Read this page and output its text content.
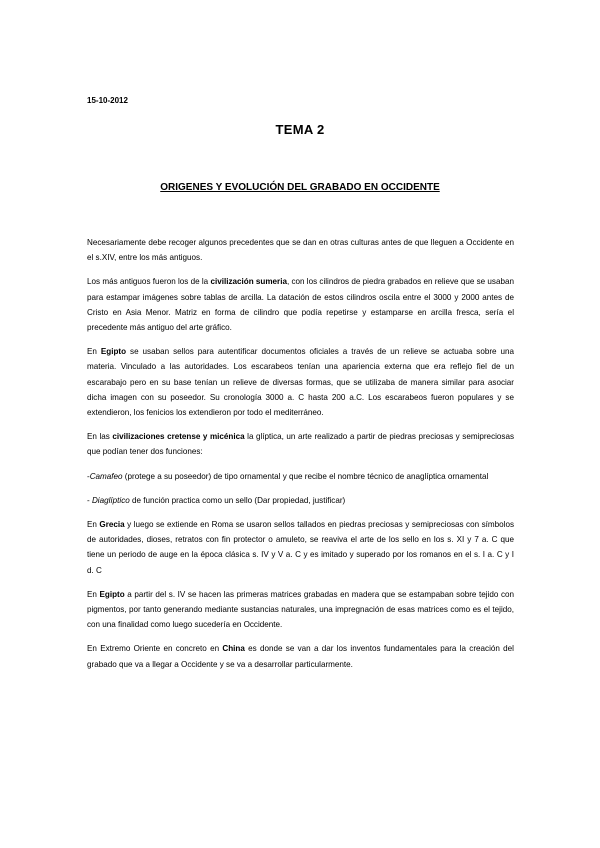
15-10-2012
TEMA 2
ORIGENES Y EVOLUCIÓN DEL GRABADO EN OCCIDENTE

Necesariamente debe recoger algunos precedentes que se dan en otras culturas antes de que lleguen a Occidente en el s.XIV, entre los más antiguos.

Los más antiguos fueron los de la civilización sumeria, con los cilindros de piedra grabados en relieve que se usaban para estampar imágenes sobre tablas de arcilla. La datación de estos cilindros oscila entre el 3000 y 2000 antes de Cristo en Asia Menor. Matriz en forma de cilindro que podía repetirse y estamparse en arcilla fresca, sería el precedente más antiguo del arte gráfico.

En Egipto se usaban sellos para autentificar documentos oficiales a través de un relieve se actuaba sobre una materia. Vinculado a las autoridades. Los escarabeos tenían una apariencia externa que era reflejo fiel de un escarabajo pero en su base tenían un relieve de diversas formas, que se utilizaba de manera similar para asociar dicha imagen con su poseedor. Su cronología 3000 a. C hasta 200 a.C. Los escarabeos fueron populares y se extendieron, los fenicios los extendieron por todo el mediterráneo.

En las civilizaciones cretense y micénica la glíptica, un arte realizado a partir de piedras preciosas y semipreciosas que podían tener dos funciones:

-Camafeo (protege a su poseedor) de tipo ornamental y que recibe el nombre técnico de anaglíptica ornamental

- Diaglíptico de función practica como un sello (Dar propiedad, justificar)

En Grecia y luego se extiende en Roma se usaron sellos tallados en piedras preciosas y semipreciosas con símbolos de autoridades, dioses, retratos con fin protector o amuleto, se reaviva el arte de los sello en los s. XI y 7 a. C que tiene un periodo de auge en la época clásica s. IV y V a. C y es imitado y superado por los romanos en el s. I a. C y I d. C

En Egipto a partir del s. IV se hacen las primeras matrices grabadas en madera que se estampaban sobre tejido con pigmentos, por tanto generando mediante sustancias naturales, una impregnación de esas matrices como es el tejido, con una finalidad como luego sucedería en Occidente.

En Extremo Oriente en concreto en China es donde se van a dar los inventos fundamentales para la creación del grabado que va a llegar a Occidente y se va a desarrollar particularmente.
